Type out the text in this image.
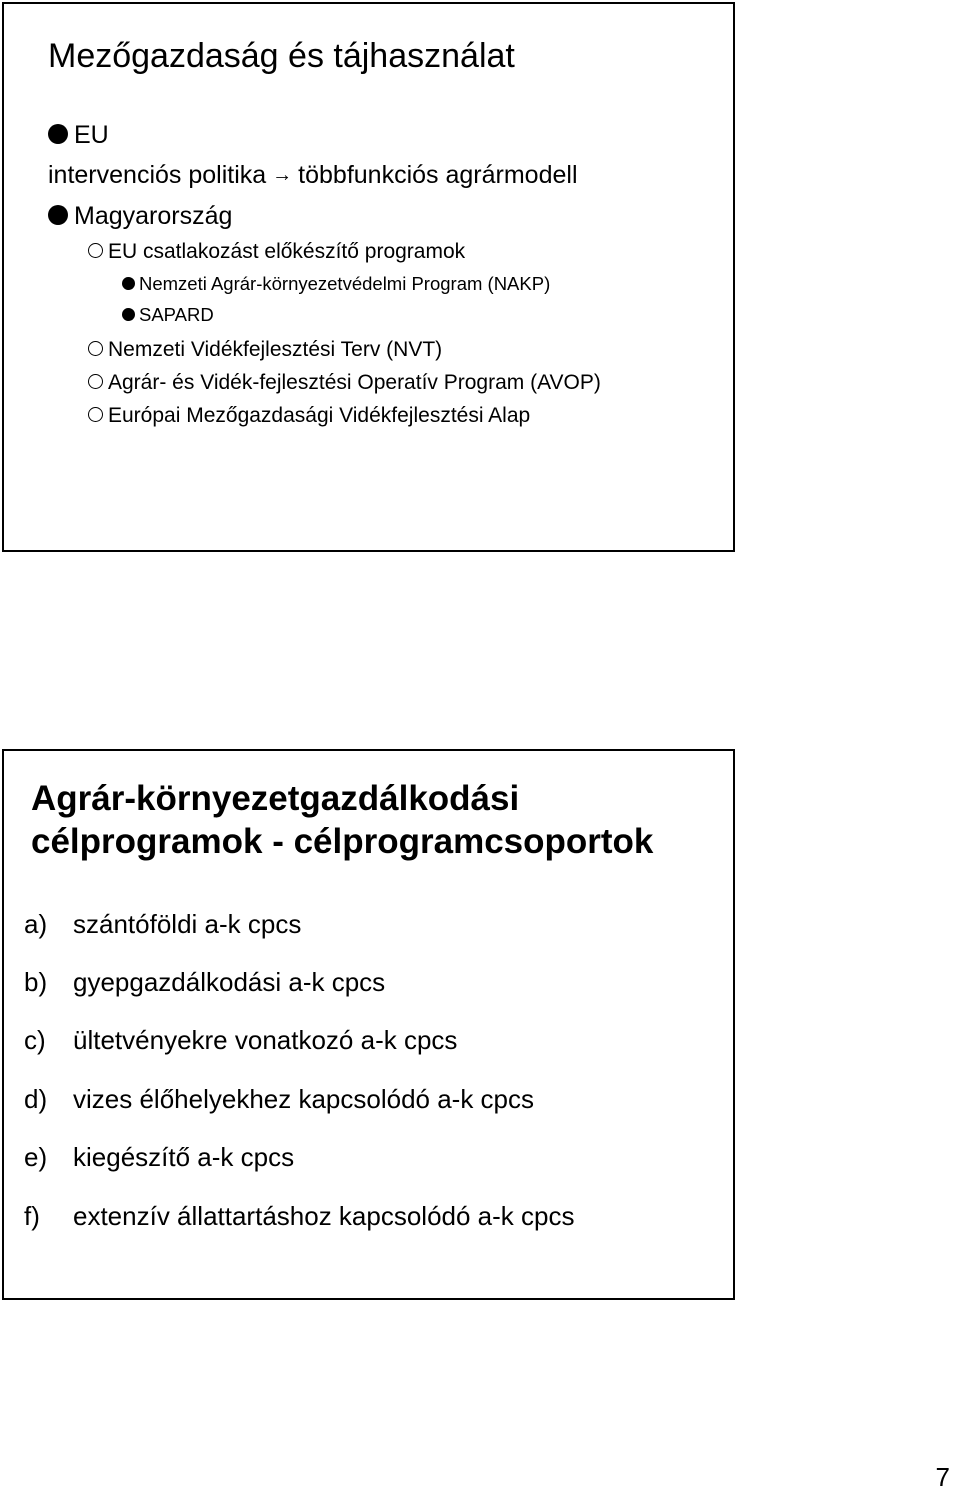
Mezőgazdaság és tájhasználat
EU
intervenciós politika → többfunkciós agrármodell
Magyarország
EU csatlakozást előkészítő programok
Nemzeti Agrár-környezetvédelmi Program (NAKP)
SAPARD
Nemzeti Vidékfejlesztési Terv (NVT)
Agrár- és Vidék-fejlesztési Operatív Program (AVOP)
Európai Mezőgazdasági Vidékfejlesztési Alap
Agrár-környezetgazdálkodási
célprogramok - célprogramcsoportok
a) szántóföldi a-k cpcs
b) gyepgazdálkodási a-k cpcs
c) ültetvényekre vonatkozó a-k cpcs
d) vizes élőhelyekhez kapcsolódó a-k cpcs
e) kiegészítő a-k cpcs
f) extenzív állattartáshoz kapcsolódó a-k cpcs
7
